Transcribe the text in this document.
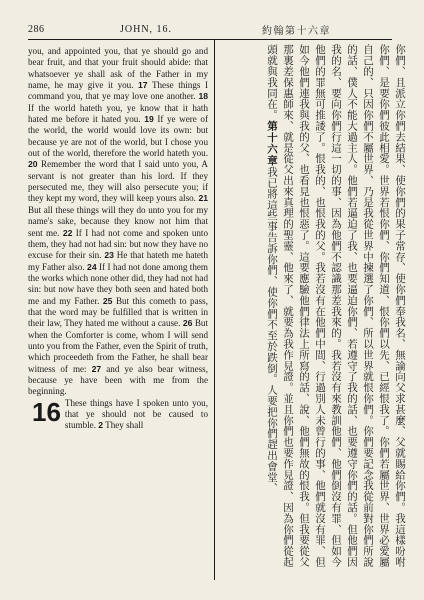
286	JOHN, 16.	約翰第十六章

you, and appointed you, that ye should go and bear fruit, and that your fruit should abide: that whatsoever ye shall ask of the Father in my name, he may give it you. 17 These things I command you, that ye may love one another. 18 If the world hateth you, ye know that it hath hated me before it hated you. 19 If ye were of the world, the world would love its own: but because ye are not of the world, but I chose you out of the world, therefore the world hateth you. 20 Remember the word that I said unto you, A servant is not greater than his lord. If they persecuted me, they will also persecute you; if they kept my word, they will keep yours also. 21 But all these things will they do unto you for my name's sake, because they know not him that sent me. 22 If I had not come and spoken unto them, they had not had sin: but now they have no excuse for their sin. 23 He that hateth me hateth my Father also. 24 If I had not done among them the works which none other did, they had not had sin: but now have they both seen and hated both me and my Father. 25 But this cometh to pass, that the word may be fulfilled that is written in their law, They hated me without a cause. 26 But when the Comforter is come, whom I will send unto you from the Father, even the Spirit of truth, which proceedeth from the Father, he shall bear witness of me: 27 and ye also bear witness, because ye have been with me from the beginning.

16 These things have I spoken unto you, that ye should not be caused to stumble. 2 They shall	你們、且派立你們去結果、使你們的果子常存、使你們奉我名、無論向父求甚麼、父就賜給你們。我這樣吩咐你們、是要你們彼此相愛。世界若恨你們、你們知道、恨你們以先、已經恨我了。你們若屬世界、世界必愛屬自己的、只因你們不屬世界、乃是我從世界中揀選了你們、所以世界就恨你們。你們要記念我從前對你們所說的話、僕人不能大過主人。他們若逼迫了我、也要逼迫你們、若遵守了我的話、也要遵守你們的話。但他們因我的名、要向你們行這一切的事、因為他們不認識那差我來的。我若沒有來教訓他們、他們倒沒有罪、但如今他們的罪無可推諉了。恨我的、也恨我的父。我若沒有在他們中間、行過別人未曾行的事、他們就沒有罪、但如今他們連我與我的父、也看見也恨惡了。這要應驗他們律法上所寫的話、說、他們無故的恨我。但我要從父那裏差保惠師來、就是從父出來真理的聖靈、他來了、就要為我作見證。並且你們也要作見證、因為你們從起頭就與我同在。第十六章我已將這些事告訴你們、使你們不至於跌倒。人要把你們趕出會堂、
